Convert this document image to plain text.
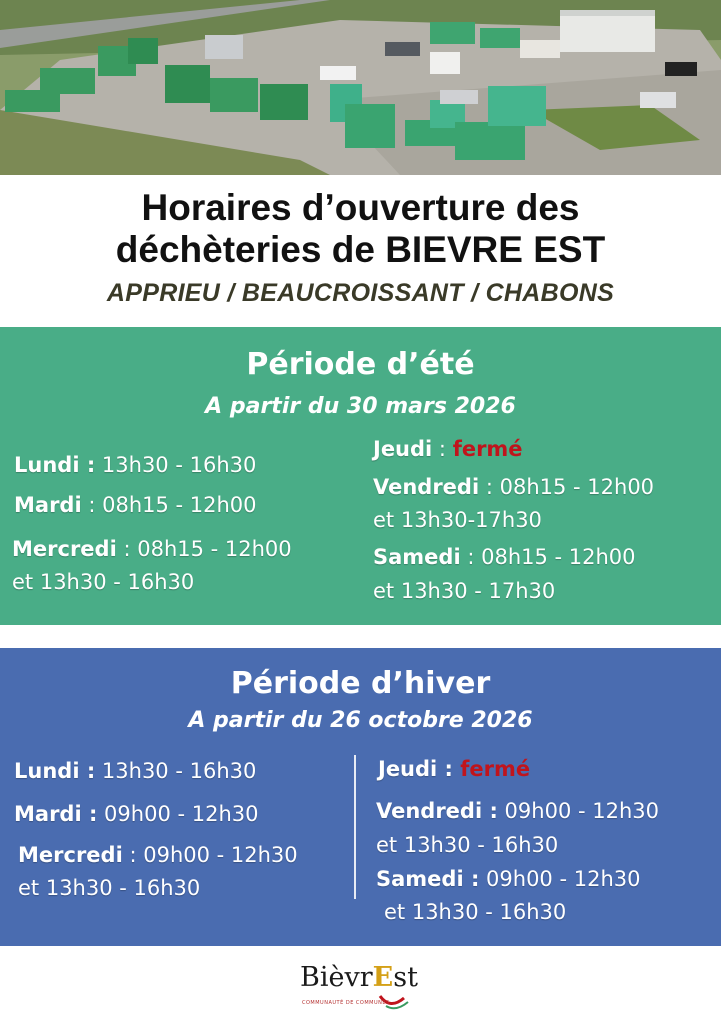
Horaires d’ouverture des
déchèteries de BIEVRE EST
APPRIEU / BEAUCROISSANT / CHABONS
Période d’été
A partir du 30 mars 2026
Lundi : 13h30 - 16h30
Mardi : 08h15 - 12h00
Mercredi : 08h15 - 12h00
et 13h30 - 16h30
Jeudi : fermé
Vendredi : 08h15 - 12h00
et 13h30-17h30
Samedi : 08h15 - 12h00
et 13h30 - 17h30
Période d’hiver
A partir du 26 octobre 2026
Lundi : 13h30 - 16h30
Mardi : 09h00 - 12h30
Mercredi : 09h00 - 12h30
et 13h30 - 16h30
Jeudi : fermé
Vendredi : 09h00 - 12h30
et 13h30 - 16h30
Samedi : 09h00 - 12h30
et 13h30 - 16h30
BièvrEst
COMMUNAUTÉ DE COMMUNES
